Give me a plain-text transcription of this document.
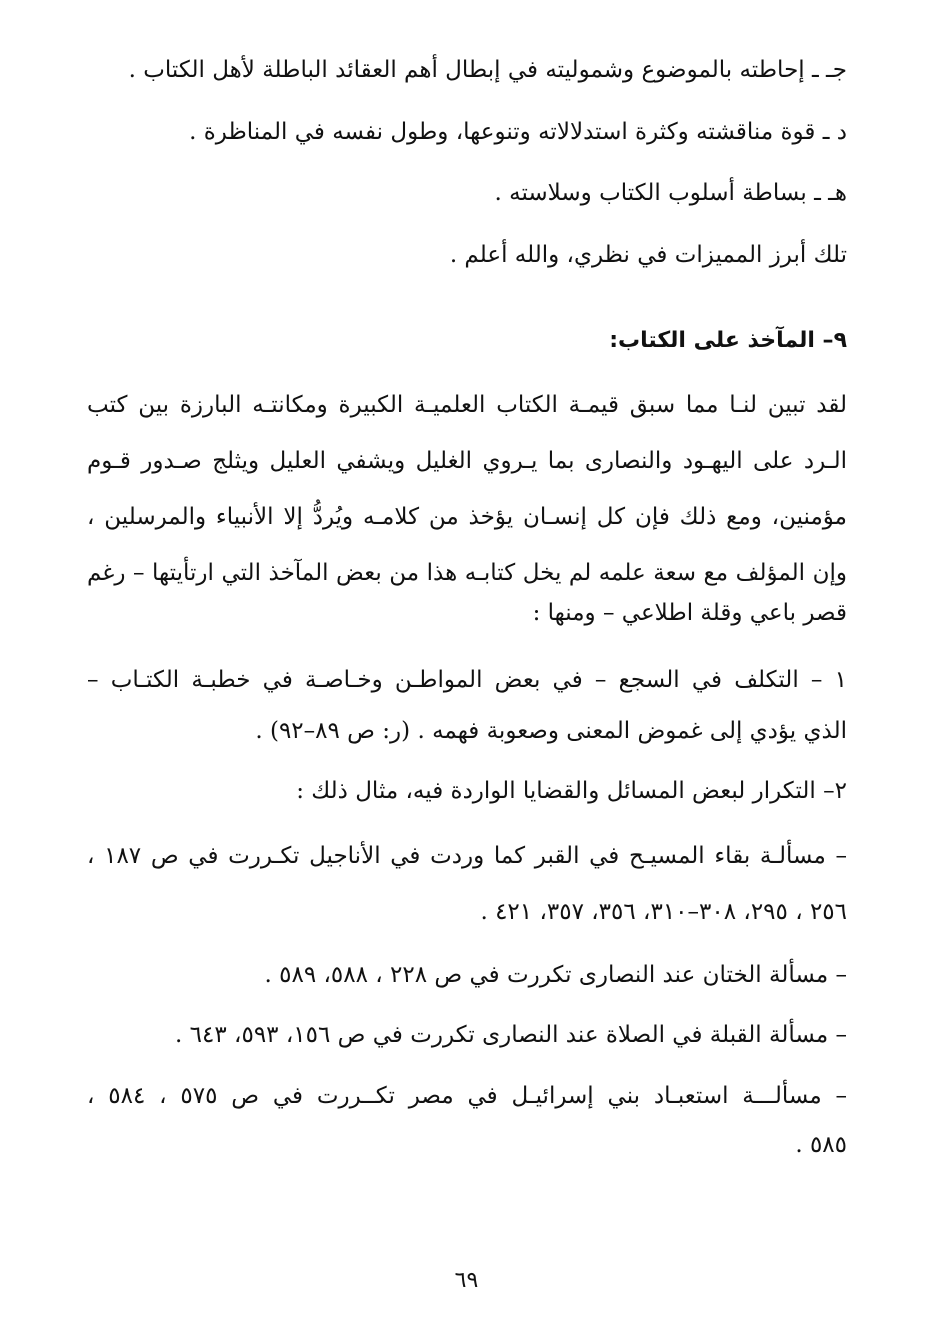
جـ ـ إحاطته بالموضوع وشموليته في إبطال أهم العقائد الباطلة لأهل الكتاب .
د ـ قوة مناقشته وكثرة استدلالاته وتنوعها، وطول نفسه في المناظرة .
هـ ـ بساطة أسلوب الكتاب وسلاسته .
تلك أبرز المميزات في نظري، والله أعلم .
٩– المآخذ على الكتاب:
لقد تبين لنـا مما سبق قيمـة الكتاب العلميـة الكبيرة ومكانتـه البارزة بين كتب
الـرد على اليهـود والنصارى بما يـروي الغليل ويشفي العليل ويثلج صـدور قـوم
مؤمنين، ومع ذلك فإن كل إنسـان يؤخذ من كلامـه ويُردُّ إلا الأنبياء والمرسلين ،
وإن المؤلف مع سعة علمه لم يخل كتابـه هذا من بعض المآخذ التي ارتأيتها – رغم
قصر باعي وقلة اطلاعي – ومنها :
١ – التكلف في السجع – في بعض المواطـن وخـاصـة في خطبـة الكتـاب –
الذي يؤدي إلى غموض المعنى وصعوبة فهمه . (ر: ص ٨٩–٩٢) .
٢– التكرار لبعض المسائل والقضايا الواردة فيه، مثال ذلك :
– مسألـة بقاء المسيـح في القبر كما وردت في الأناجيل تكـررت في ص ١٨٧ ،
٢٥٦ ، ٢٩٥، ٣٠٨–٣١٠، ٣٥٦، ٣٥٧، ٤٢١ .
– مسألة الختان عند النصارى تكررت في ص ٢٢٨ ، ٥٨٨، ٥٨٩ .
– مسألة القبلة في الصلاة عند النصارى تكررت في ص ١٥٦، ٥٩٣، ٦٤٣ .
– مسألـــة استعبـاد بني إسرائيـل في مصر تكــررت في ص ٥٧٥ ، ٥٨٤ ،
٥٨٥ .
٦٩
